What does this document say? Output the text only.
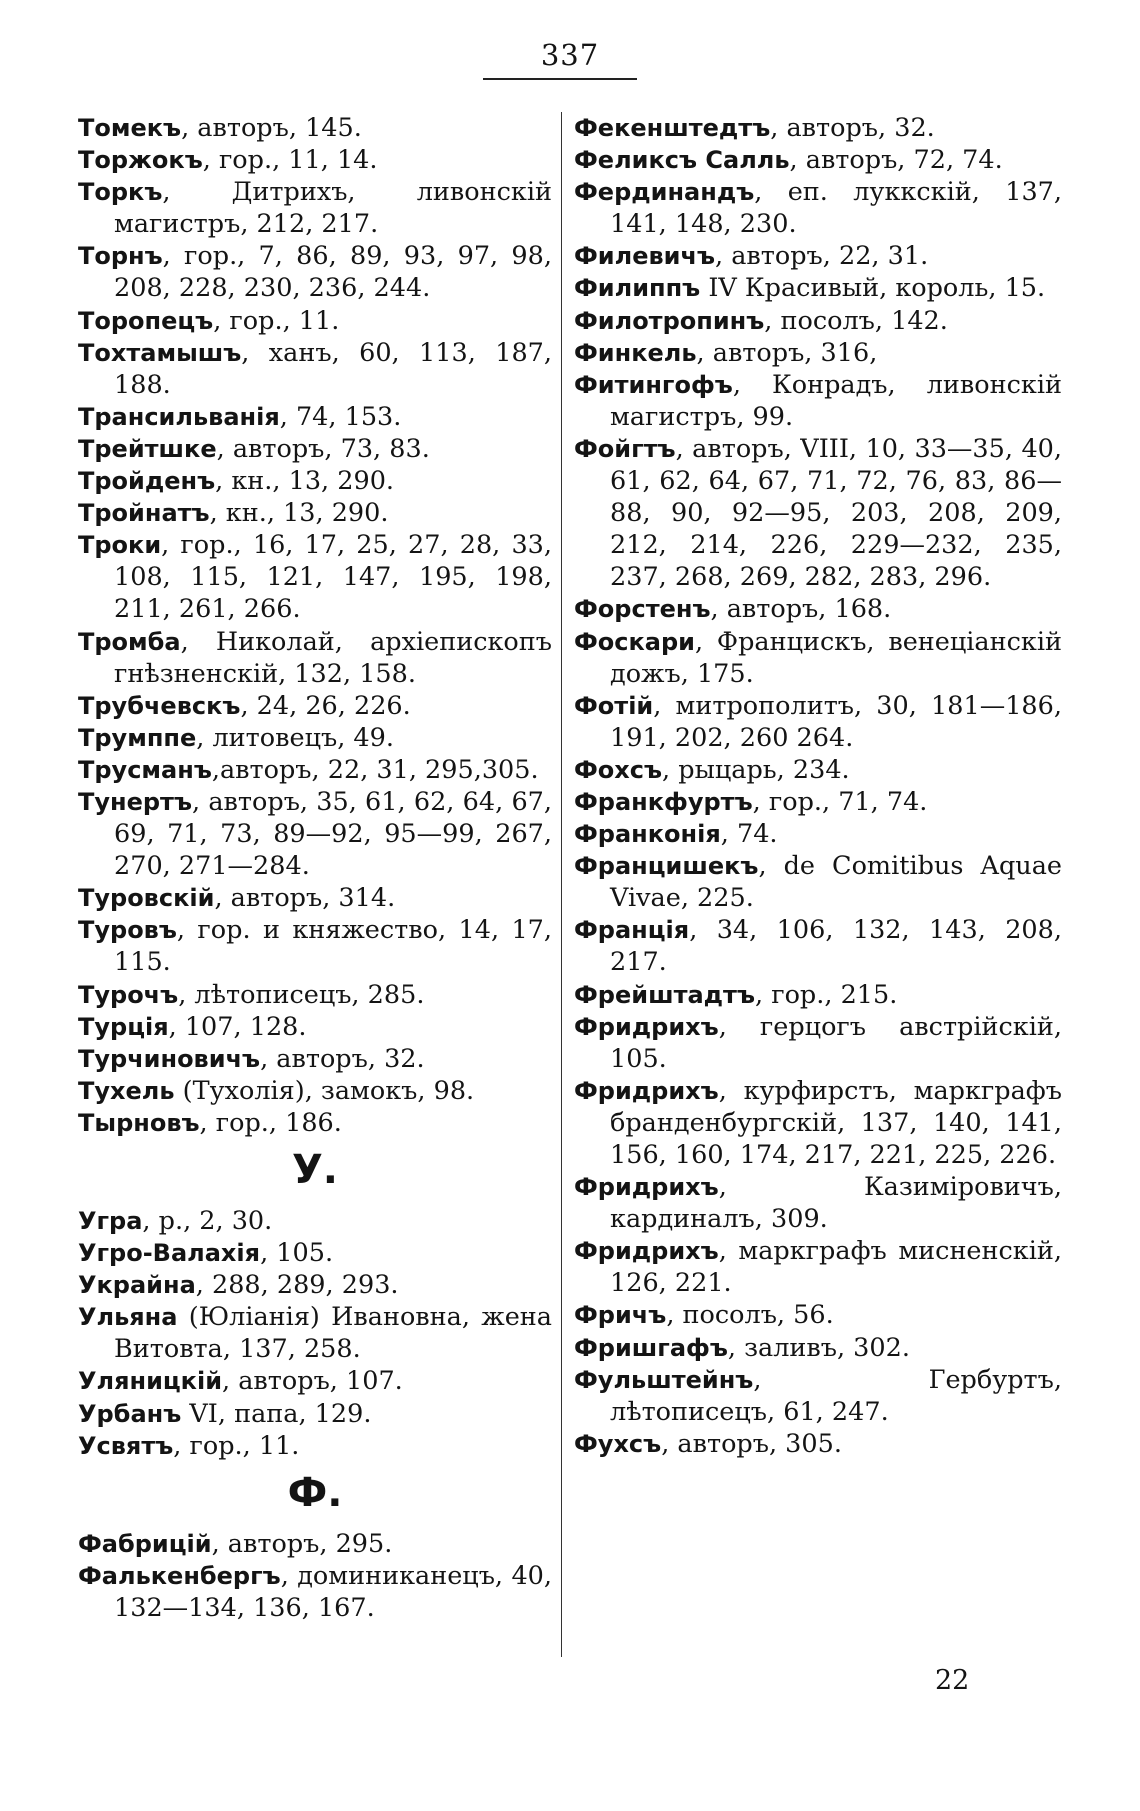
337
Томекъ, авторъ, 145.
Торжокъ, гор., 11, 14.
Торкъ, Дитрихъ, ливонскій магистръ, 212, 217.
Торнъ, гор., 7, 86, 89, 93, 97, 98, 208, 228, 230, 236, 244.
Торопецъ, гор., 11.
Тохтамышъ, ханъ, 60, 113, 187, 188.
Трансильванія, 74, 153.
Трейтшке, авторъ, 73, 83.
Тройденъ, кн., 13, 290.
Тройнатъ, кн., 13, 290.
Троки, гор., 16, 17, 25, 27, 28, 33, 108, 115, 121, 147, 195, 198, 211, 261, 266.
Тромба, Николай, архіепископъ гнѣзненскій, 132, 158.
Трубчевскъ, 24, 26, 226.
Трумппе, литовецъ, 49.
Трусманъ,авторъ, 22, 31, 295,305.
Тунертъ, авторъ, 35, 61, 62, 64, 67, 69, 71, 73, 89—92, 95—99, 267, 270, 271—284.
Туровскій, авторъ, 314.
Туровъ, гор. и княжество, 14, 17, 115.
Турочъ, лѣтописецъ, 285.
Турція, 107, 128.
Турчиновичъ, авторъ, 32.
Тухель (Тухолія), замокъ, 98.
Тырновъ, гор., 186.
У.
Угра, р., 2, 30.
Угро-Валахія, 105.
Украйна, 288, 289, 293.
Ульяна (Юліанія) Ивановна, жена Витовта, 137, 258.
Уляницкій, авторъ, 107.
Урбанъ VI, папа, 129.
Усвятъ, гор., 11.
Ф.
Фабрицій, авторъ, 295.
Фалькенбергъ, доминиканецъ, 40, 132—134, 136, 167.
Фекенштедтъ, авторъ, 32.
Феликсъ Салль, авторъ, 72, 74.
Фердинандъ, еп. луккскій, 137, 141, 148, 230.
Филевичъ, авторъ, 22, 31.
Филиппъ IV Красивый, король, 15.
Филотропинъ, посолъ, 142.
Финкель, авторъ, 316,
Фитингофъ, Конрадъ, ливонскій магистръ, 99.
Фойгтъ, авторъ, VIII, 10, 33—35, 40, 61, 62, 64, 67, 71, 72, 76, 83, 86—88, 90, 92—95, 203, 208, 209, 212, 214, 226, 229—232, 235, 237, 268, 269, 282, 283, 296.
Форстенъ, авторъ, 168.
Фоскари, Францискъ, венеціанскій дожъ, 175.
Фотій, митрополитъ, 30, 181—186, 191, 202, 260 264.
Фохсъ, рыцарь, 234.
Франкфуртъ, гор., 71, 74.
Франконія, 74.
Францишекъ, de Comitibus Aquae Vivae, 225.
Франція, 34, 106, 132, 143, 208, 217.
Фрейштадтъ, гор., 215.
Фридрихъ, герцогъ австрійскій, 105.
Фридрихъ, курфирстъ, маркграфъ бранденбургскій, 137, 140, 141, 156, 160, 174, 217, 221, 225, 226.
Фридрихъ, Казиміровичъ, кардиналъ, 309.
Фридрихъ, маркграфъ мисненскій, 126, 221.
Фричъ, посолъ, 56.
Фришгафъ, заливъ, 302.
Фульштейнъ, Гербуртъ, лѣтописецъ, 61, 247.
Фухсъ, авторъ, 305.
22
